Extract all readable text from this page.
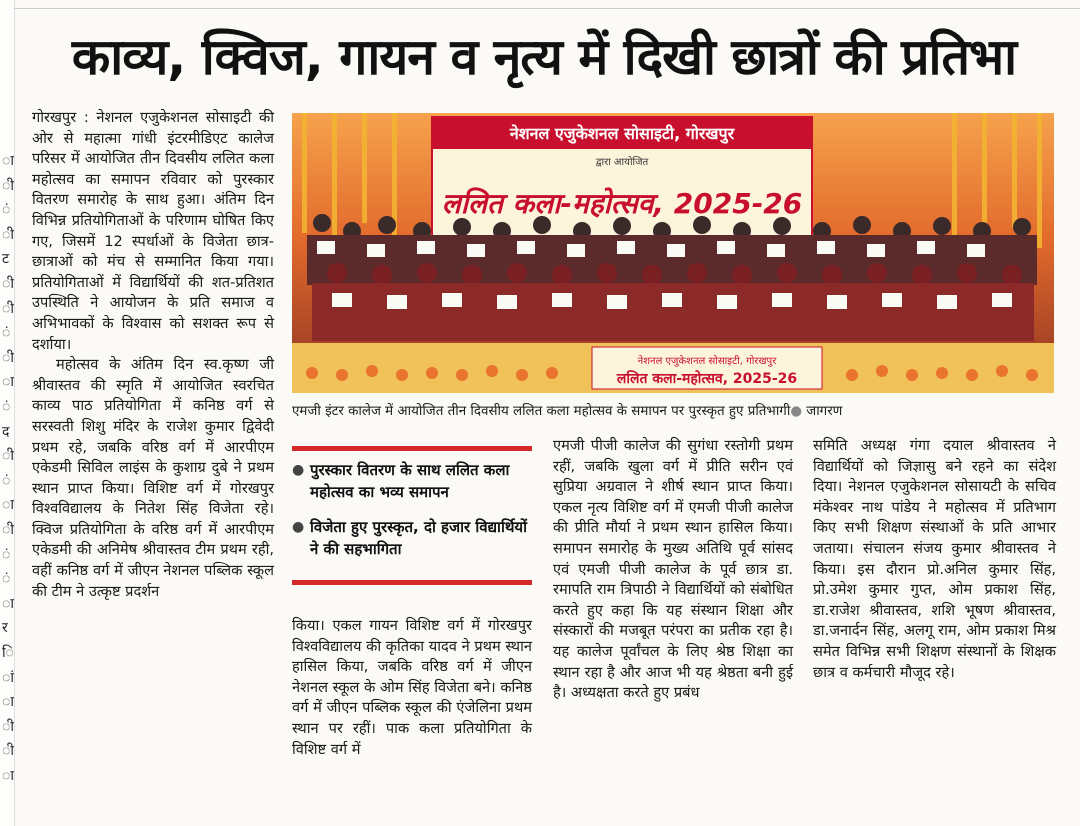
काव्य, क्विज, गायन व नृत्य में दिखी छात्रों की प्रतिभा

गोरखपुर : नेशनल एजुकेशनल सोसाइटी की ओर से महात्मा गांधी इंटरमीडिएट कालेज परिसर में आयोजित तीन दिवसीय ललित कला महोत्सव का समापन रविवार को पुरस्कार वितरण समारोह के साथ हुआ। अंतिम दिन विभिन्न प्रतियोगिताओं के परिणाम घोषित किए गए, जिसमें 12 स्पर्धाओं के विजेता छात्र-छात्राओं को मंच से सम्मानित किया गया। प्रतियोगिताओं में विद्यार्थियों की शत-प्रतिशत उपस्थिति ने आयोजन के प्रति समाज व अभिभावकों के विश्वास को सशक्त रूप से दर्शाया।

महोत्सव के अंतिम दिन स्व.कृष्ण जी श्रीवास्तव की स्मृति में आयोजित स्वरचित काव्य पाठ प्रतियोगिता में कनिष्ठ वर्ग से सरस्वती शिशु मंदिर के राजेश कुमार द्विवेदी प्रथम रहे, जबकि वरिष्ठ वर्ग में आरपीएम एकेडमी सिविल लाइंस के कुशाग्र दुबे ने प्रथम स्थान प्राप्त किया। विशिष्ट वर्ग में गोरखपुर विश्वविद्यालय के नितेश सिंह विजेता रहे। क्विज प्रतियोगिता के वरिष्ठ वर्ग में आरपीएम एकेडमी की अनिमेष श्रीवास्तव टीम प्रथम रही, वहीं कनिष्ठ वर्ग में जीएन नेशनल पब्लिक स्कूल की टीम ने उत्कृष्ट प्रदर्शन

नेशनल एजुकेशनल सोसाइटी, गोरखपुर
द्वारा आयोजित
ललित कला-महोत्सव, 2025-26
नेशनल एजुकेशनल सोसाइटी, गोरखपुर
ललित कला-महोत्सव, 2025-26
एमजी इंटर कालेज में आयोजित तीन दिवसीय ललित कला महोत्सव के समापन पर पुरस्कृत हुए प्रतिभागी● जागरण
● पुरस्कार वितरण के साथ ललित कला महोत्सव का भव्य समापन
● विजेता हुए पुरस्कृत, दो हजार विद्यार्थियों ने की सहभागिता

किया। एकल गायन विशिष्ट वर्ग में गोरखपुर विश्वविद्यालय की कृतिका यादव ने प्रथम स्थान हासिल किया, जबकि वरिष्ठ वर्ग में जीएन नेशनल स्कूल के ओम सिंह विजेता बने। कनिष्ठ वर्ग में जीएन पब्लिक स्कूल की एंजेलिना प्रथम स्थान पर रहीं। पाक कला प्रतियोगिता के विशिष्ट वर्ग में

एमजी पीजी कालेज की सुगंधा रस्तोगी प्रथम रहीं, जबकि खुला वर्ग में प्रीति सरीन एवं सुप्रिया अग्रवाल ने शीर्ष स्थान प्राप्त किया। एकल नृत्य विशिष्ट वर्ग में एमजी पीजी कालेज की प्रीति मौर्या ने प्रथम स्थान हासिल किया। समापन समारोह के मुख्य अतिथि पूर्व सांसद एवं एमजी पीजी कालेज के पूर्व छात्र डा. रमापति राम त्रिपाठी ने विद्यार्थियों को संबोधित करते हुए कहा कि यह संस्थान शिक्षा और संस्कारों की मजबूत परंपरा का प्रतीक रहा है। यह कालेज पूर्वांचल के लिए श्रेष्ठ शिक्षा का स्थान रहा है और आज भी यह श्रेष्ठता बनी हुई है। अध्यक्षता करते हुए प्रबंध

समिति अध्यक्ष गंगा दयाल श्रीवास्तव ने विद्यार्थियों को जिज्ञासु बने रहने का संदेश दिया। नेशनल एजुकेशनल सोसायटी के सचिव मंकेश्वर नाथ पांडेय ने महोत्सव में प्रतिभाग किए सभी शिक्षण संस्थाओं के प्रति आभार जताया। संचालन संजय कुमार श्रीवास्तव ने किया। इस दौरान प्रो.अनिल कुमार सिंह, प्रो.उमेश कुमार गुप्त, ओम प्रकाश सिंह, डा.राजेश श्रीवास्तव, शशि भूषण श्रीवास्तव, डा.जनार्दन सिंह, अलगू राम, ओम प्रकाश मिश्र समेत विभिन्न सभी शिक्षण संस्थानों के शिक्षक छात्र व कर्मचारी मौजूद रहे।

ा
ी
ं
ी
ट
ी
ी
ं
ी
ा
ं
द
ी
ं
ा
ी
ं
ं
ा
र
ि
ां
ा
ी
ी
ा
